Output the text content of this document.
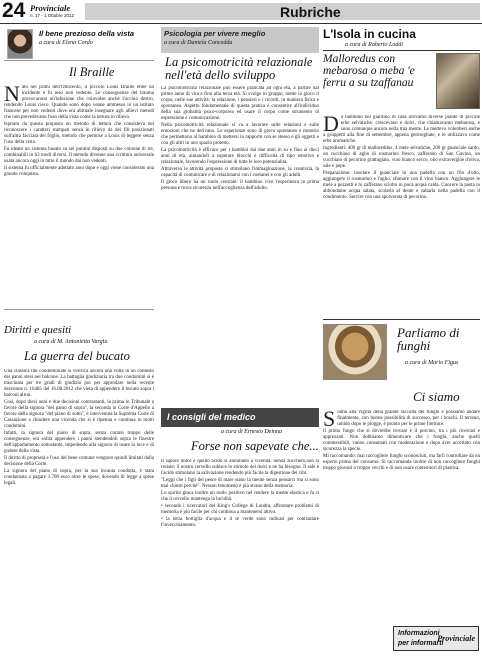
24 Provinciale
n. 17 - 1 Ottobre 2012	Rubriche
Il bene prezioso della vista
a cura di Elena Cordo
Il Braille
N ato nei primi dell'Ottocento, il piccolo Louis Braille ebbe un incidente e fu reso non vedente. Le conseguenze del trauma provocarono un'infezione che coinvolse anche l'occhio destro, rendendo Louis cieco. Quando sono dopo venne ammesso in un istituto francese per non vedenti dove era abituale insegnare agli allievi metodi che non prevedevano l'uso della vista come la lettura in rilievo.

Ispirato da questa proposta un metodo di lettura che consisteva nel riconoscere i caratteri stampati senza in rilievo da dei fili posizionati sull'altra facciata del foglio, metodo che permise a Louis di leggere senza l'uso della vista.

Fu ideato un sistema basato su sei puntini disposti su due colonne di tre, combinabili in 63 modi diversi. Il metodo divenne una scrittura universale usata ancora oggi in tutto il mondo dai non vedenti.

Il sistema fu ufficialmente adottato anni dopo e oggi viene considerato una grande conquista.

Diritti e quesiti
a cura di M. Antonietta Vargiu
La guerra del bucato

Una classica lite condominiale si verifica ancora una volta in un contesto dei panni stesi nel balcone. La battaglia giudiziaria tra due condomini si è trascinata per tre gradi di giudizio poi per approdare nella recente decisione n. 16485 del 16.08.2012 che vieta di appendere il bucato sopra i balconi altrui.

Così, dopo dieci anni e due decisioni contrastanti, la prima in Tribunale a favore della signora "dei panni di sopra", la seconda in Corte d'Appello a favore della signora "del piano di sotto", è intervenuta la Suprema Corte di Cassazione a chiudere una vicenda che si è ripetuta e continua in molti condomini.

Infatti, la signora del piano di sopra, senza curarsi troppo delle conseguenze, era solita appendere i panni stendendoli sopra le finestre dell'appartamento sottostante, impedendo alla signora di usare la luce e di godere della vista.

Il diritto di proprietà e l'uso del bene comune vengono quindi limitati dalla decisione della Corte.

La signora del piano di sopra, per la sua incauta condotta, è stata condannata a pagare 1.700 euro oltre le spese, dovendo di legge a spese legali.

Psicologia per vivere meglio
a cura di Daniela Concedda
La psicomotricità relazionale nell'età dello sviluppo

La psicomotricità relazionale può essere praticata ad ogni età, a partire dal primo anno di vita e fino alla terza età. Si svolge in gruppo, mette in gioco il corpo, nelle sue attività: la relazione, i pensieri e i ricordi, in maniera fisica e spontanea. Aspetto fondamentale di questa pratica è consentire all'individuo della sua globalità psico-corporea ed usare il corpo come strumento di espressione e comunicazione.

Nella psicomotricità relazionale si va a lavorare sulle relazioni e sulle emozioni che ne derivano. Le esperienze sono di gioco spontaneo e motorio che permettono al bambino di mettersi in rapporto con se stesso e gli oggetti e con gli altri in uno spazio protetto.

La psicomotricità è efficace per i bambini dai due anni in su e fino ai dieci anni di età, aiutandoli a superare blocchi e difficoltà di tipo emotivo e relazionale, favorendo l'espressione di tutte le loro potenzialità.

Attraverso le attività proposte si stimolano l'immaginazione, la creatività, la capacità di comunicare e di relazionarsi con i coetanei e con gli adulti.

Il gioco libero ha un ruolo centrale: il bambino vive l'esperienza in prima persona e trova sicurezza nell'accoglienza dell'adulto.

I consigli del medico
a cura di Ernesto Deinna
Forse non sapevate che...

Il sapore dolce e quello acido si annullano a vicenda. Senza zucchero,non si resiste: il nostro cervello subisce lo stimolo dei dolci e ne ha bisogno. Il sale e l'acido stimolano la salivazione rendendo più facile la digestione dei cibi.

"Leggi che i figli del pesce di mare siano la mente senza pensarci ma si sono mai chiesti perché". Nessun fenomeno è più strano della memoria.

Lo spirito gioca inoltre un ruolo positivo nel rendere la mente elastica e fa sì che il cervello mantenga la lucidità.

• secondo i ricercatori del King's College di Londra, affrontare problemi di memoria è più facile per chi continua a mantenersi attivo.

• la terza bottiglia d'acqua e il tè verde sono indicati per contrastare l'invecchiamento.

L'Isola in cucina
a cura di Roberto Loddi
Malloredus con mebarosa o meba 'e ferru a su tzaffanau
D a bambino nel giardino di casa avevamo diverse piante di piccole erbe selvatiche: crescevano e dolci, che chiamavamo mebarosa, e sono comunque ancora nella mia mente. Le mettevo volentieri anche a gruppetti alla fine di settembre, appena germogliate, e le utilizzavo come erbe aromatiche.

Ingredienti: 400 gr di malloreddus, 4 mele selvatiche, 200 gr guanciale sardo, un cucchiaio di aglio di rosmarino fresco, zafferano di San Gavino, un cucchiaio di pecorino grattugiato, vino bianco secco, olio extravergine d'oliva, sale e pepe.

Preparazione: rosolare il guanciale in una padella con un filo d'olio, aggiungere il rosmarino e l'aglio, sfumare con il vino bianco. Aggiungere le mele a pezzetti e lo zafferano sciolto in poca acqua calda. Cuocere la pasta in abbondante acqua salata, scolarla al dente e saltarla nella padella con il condimento. Servire con una spolverata di pecorino.

Parliamo di funghi
a cura di Mario Figus
Ci siamo
S iamo alla vigilia della grande raccolta dei funghi e possiamo andare finalmente, con buone possibilità di successo, per i boschi. Il terreno, umido dopo le piogge, è pronto per le prime fioriture.

Il primo fungo che si dovrebbe trovare è il porcino, tra i più ricercati e apprezzati. Non dobbiamo dimenticare che i funghi, anche quelli commestibili, vanno consumati con moderazione e dopo aver accertato con sicurezza la specie.

Mi raccomando: mai raccogliere funghi sconosciuti, ma farli controllare da un esperto prima del consumo. Si raccomanda inoltre di non raccogliere funghi troppo giovani o troppo vecchi e di non usare contenitori di plastica.

Informazioni
per informarti
Provinciale
